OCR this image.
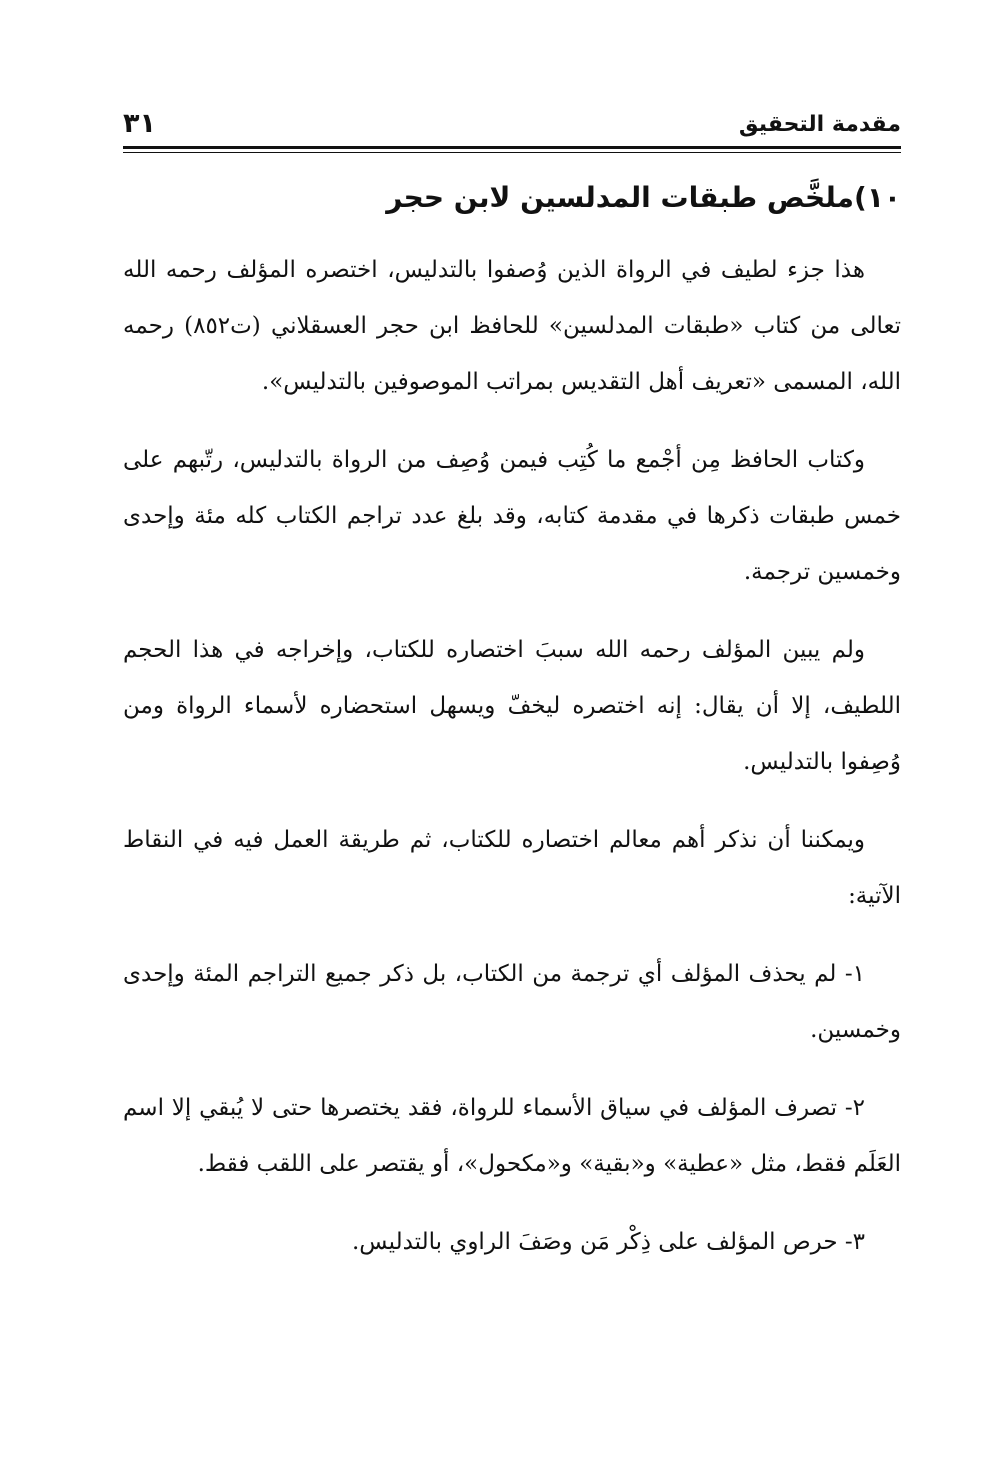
مقدمة التحقيق
٣١
١٠)ملخَّص طبقات المدلسين لابن حجر

هذا جزء لطيف في الرواة الذين وُصفوا بالتدليس، اختصره المؤلف رحمه الله تعالى من كتاب «طبقات المدلسين» للحافظ ابن حجر العسقلاني (ت٨٥٢) رحمه الله، المسمى «تعريف أهل التقديس بمراتب الموصوفين بالتدليس».

وكتاب الحافظ مِن أجْمع ما كُتِب فيمن وُصِف من الرواة بالتدليس، رتّبهم على خمس طبقات ذكرها في مقدمة كتابه، وقد بلغ عدد تراجم الكتاب كله مئة وإحدى وخمسين ترجمة.

ولم يبين المؤلف رحمه الله سببَ اختصاره للكتاب، وإخراجه في هذا الحجم اللطيف، إلا أن يقال: إنه اختصره ليخفّ ويسهل استحضاره لأسماء الرواة ومن وُصِفوا بالتدليس.

ويمكننا أن نذكر أهم معالم اختصاره للكتاب، ثم طريقة العمل فيه في النقاط الآتية:

١- لم يحذف المؤلف أي ترجمة من الكتاب، بل ذكر جميع التراجم المئة وإحدى وخمسين.

٢- تصرف المؤلف في سياق الأسماء للرواة، فقد يختصرها حتى لا يُبقي إلا اسم العَلَم فقط، مثل «عطية» و«بقية» و«مكحول»، أو يقتصر على اللقب فقط.

٣- حرص المؤلف على ذِكْر مَن وصَفَ الراوي بالتدليس.
